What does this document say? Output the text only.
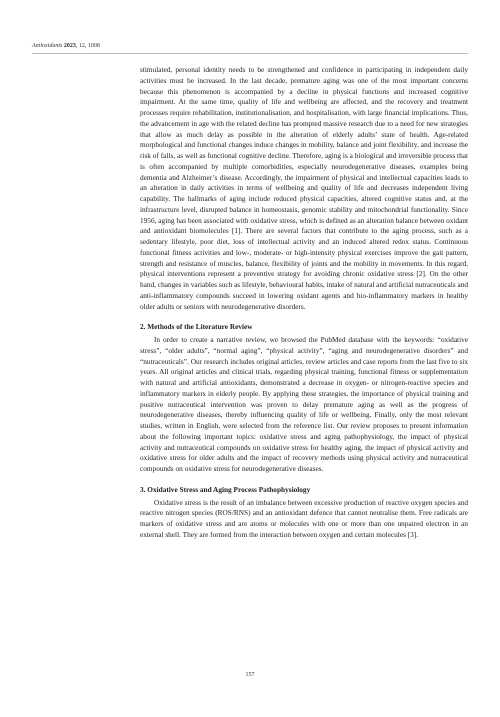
Antioxidants 2023, 12, 1008

stimulated, personal identity needs to be strengthened and confidence in participating in independent daily activities must be increased. In the last decade, premature aging was one of the most important concerns because this phenomenon is accompanied by a decline in physical functions and increased cognitive impairment. At the same time, quality of life and wellbeing are affected, and the recovery and treatment processes require rehabilitation, institutionalisation, and hospitalisation, with large financial implications. Thus, the advancement in age with the related decline has prompted massive research due to a need for new strategies that allow as much delay as possible in the alteration of elderly adults’ state of health. Age-related morphological and functional changes induce changes in mobility, balance and joint flexibility, and increase the risk of falls, as well as functional cognitive decline. Therefore, aging is a biological and irreversible process that is often accompanied by multiple comorbidities, especially neurodegenerative diseases, examples being dementia and Alzheimer’s disease. Accordingly, the impairment of physical and intellectual capacities leads to an alteration in daily activities in terms of wellbeing and quality of life and decreases independent living capability. The hallmarks of aging include reduced physical capacities, altered cognitive status and, at the infrastructure level, disrupted balance in homeostasis, genomic stability and mitochondrial functionality. Since 1956, aging has been associated with oxidative stress, which is defined as an alteration balance between oxidant and antioxidant biomolecules [1]. There are several factors that contribute to the aging process, such as a sedentary lifestyle, poor diet, loss of intellectual activity and an induced altered redox status. Continuous functional fitness activities and low-, moderate- or high-intensity physical exercises improve the gait pattern, strength and resistance of muscles, balance, flexibility of joints and the mobility in movements. In this regard, physical interventions represent a preventive strategy for avoiding chronic oxidative stress [2]. On the other hand, changes in variables such as lifestyle, behavioural habits, intake of natural and artificial nutraceuticals and anti-inflammatory compounds succeed in lowering oxidant agents and bio-inflammatory markers in healthy older adults or seniors with neurodegenerative disorders.

2. Methods of the Literature Review

In order to create a narrative review, we browsed the PubMed database with the keywords: “oxidative stress”, “older adults”, “normal aging”, “physical activity”, “aging and neurodegenerative disorders” and “nutraceuticals”. Our research includes original articles, review articles and case reports from the last five to six years. All original articles and clinical trials, regarding physical training, functional fitness or supplementation with natural and artificial antioxidants, demonstrated a decrease in oxygen- or nitrogen-reactive species and inflammatory markers in elderly people. By applying these strategies, the importance of physical training and positive nutraceutical intervention was proven to delay premature aging as well as the progress of neurodegenerative diseases, thereby influencing quality of life or wellbeing. Finally, only the most relevant studies, written in English, were selected from the reference list. Our review proposes to present information about the following important topics: oxidative stress and aging pathophysiology, the impact of physical activity and nutraceutical compounds on oxidative stress for healthy aging, the impact of physical activity and oxidative stress for older adults and the impact of recovery methods using physical activity and nutraceutical compounds on oxidative stress for neurodegenerative diseases.

3. Oxidative Stress and Aging Process Pathophysiology

Oxidative stress is the result of an imbalance between excessive production of reactive oxygen species and reactive nitrogen species (ROS/RNS) and an antioxidant defence that cannot neutralise them. Free radicals are markers of oxidative stress and are atoms or molecules with one or more than one unpaired electron in an external shell. They are formed from the interaction between oxygen and certain molecules [3].

157
